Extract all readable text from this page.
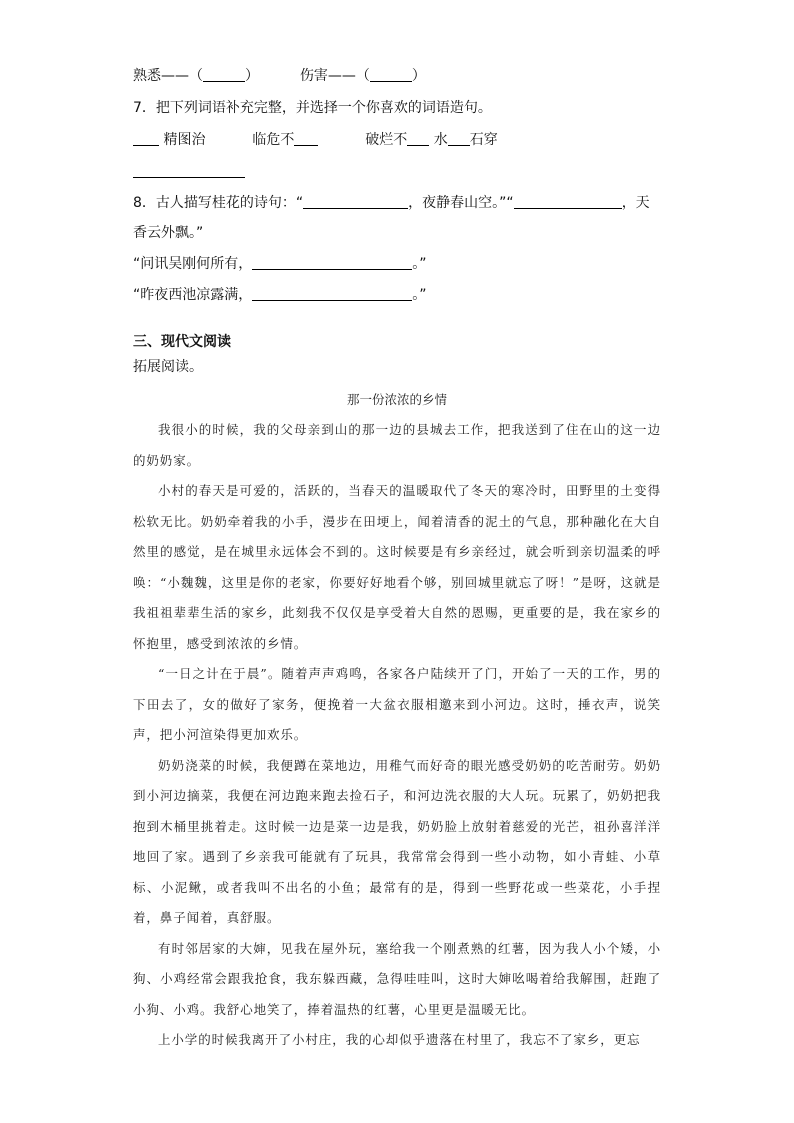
熟悉——（	）	伤害——（	）
7．把下列词语补充完整，并选择一个你喜欢的词语造句。
精图治	临危不	破烂不 水 石穿
8．古人描写桂花的诗句：“	，夜静春山空。”“	，天
香云外飘。”
“问讯吴刚何所有，	。”
“昨夜西池凉露满，	。”
三、现代文阅读
拓展阅读。
那一份浓浓的乡情

我很小的时候，我的父母亲到山的那一边的县城去工作，把我送到了住在山的这一边的奶奶家。

小村的春天是可爱的，活跃的，当春天的温暖取代了冬天的寒冷时，田野里的土变得松软无比。奶奶牵着我的小手，漫步在田埂上，闻着清香的泥土的气息，那种融化在大自然里的感觉，是在城里永远体会不到的。这时候要是有乡亲经过，就会听到亲切温柔的呼唤：“小魏魏，这里是你的老家，你要好好地看个够，别回城里就忘了呀！”是呀，这就是我祖祖辈辈生活的家乡，此刻我不仅仅是享受着大自然的恩赐，更重要的是，我在家乡的怀抱里，感受到浓浓的乡情。

“一日之计在于晨”。随着声声鸡鸣，各家各户陆续开了门，开始了一天的工作，男的下田去了，女的做好了家务，便挽着一大盆衣服相邀来到小河边。这时，捶衣声，说笑声，把小河渲染得更加欢乐。

奶奶浇菜的时候，我便蹲在菜地边，用稚气而好奇的眼光感受奶奶的吃苦耐劳。奶奶到小河边摘菜，我便在河边跑来跑去捡石子，和河边洗衣服的大人玩。玩累了，奶奶把我抱到木桶里挑着走。这时候一边是菜一边是我，奶奶脸上放射着慈爱的光芒，祖孙喜洋洋地回了家。遇到了乡亲我可能就有了玩具，我常常会得到一些小动物，如小青蛙、小草标、小泥鳅，或者我叫不出名的小鱼；最常有的是，得到一些野花或一些菜花，小手捏着，鼻子闻着，真舒服。

有时邻居家的大婶，见我在屋外玩，塞给我一个刚煮熟的红薯，因为我人小个矮，小狗、小鸡经常会跟我抢食，我东躲西藏，急得哇哇叫，这时大婶吆喝着给我解围，赶跑了小狗、小鸡。我舒心地笑了，捧着温热的红薯，心里更是温暖无比。

上小学的时候我离开了小村庄，我的心却似乎遗落在村里了，我忘不了家乡，更忘
